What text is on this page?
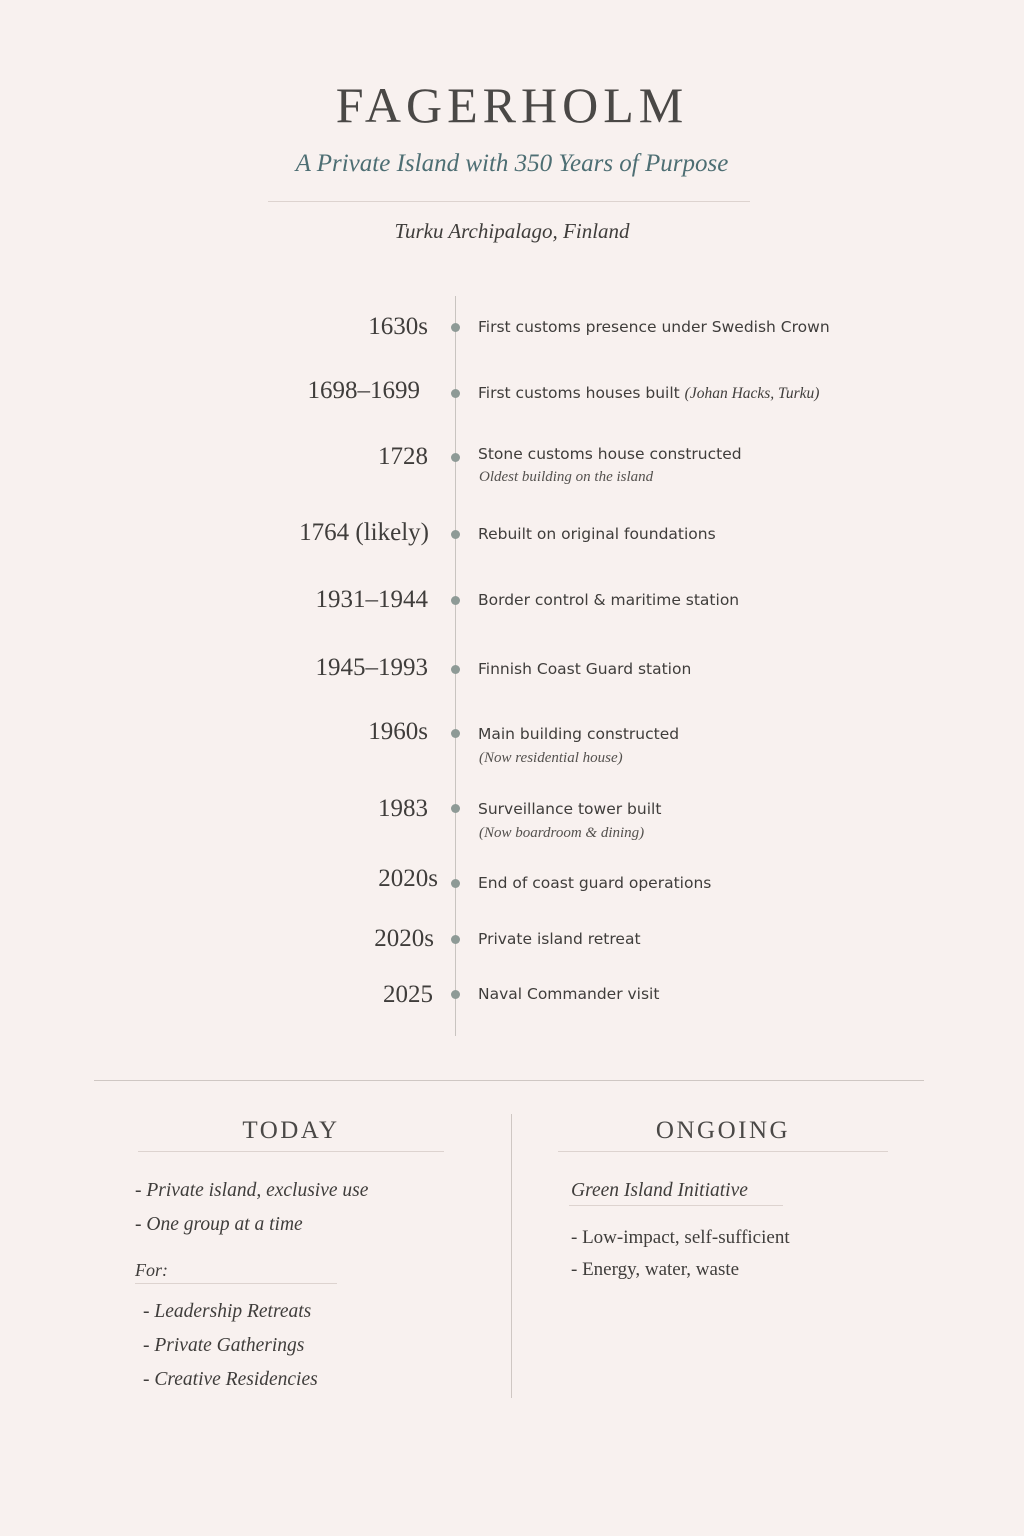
FAGERHOLM
A Private Island with 350 Years of Purpose
Turku Archipalago, Finland
1630s	First customs presence under Swedish Crown
1698–1699	First customs houses built (Johan Hacks, Turku)
1728	Stone customs house constructed
Oldest building on the island
1764 (likely)	Rebuilt on original foundations
1931–1944	Border control & maritime station
1945–1993	Finnish Coast Guard station
1960s	Main building constructed
(Now residential house)
1983	Surveillance tower built
(Now boardroom & dining)
2020s	End of coast guard operations
2020s	Private island retreat
2025	Naval Commander visit
TODAY
- Private island, exclusive use
- One group at a time
For:
- Leadership Retreats
- Private Gatherings
- Creative Residencies
ONGOING
Green Island Initiative
- Low-impact, self-sufficient
- Energy, water, waste
